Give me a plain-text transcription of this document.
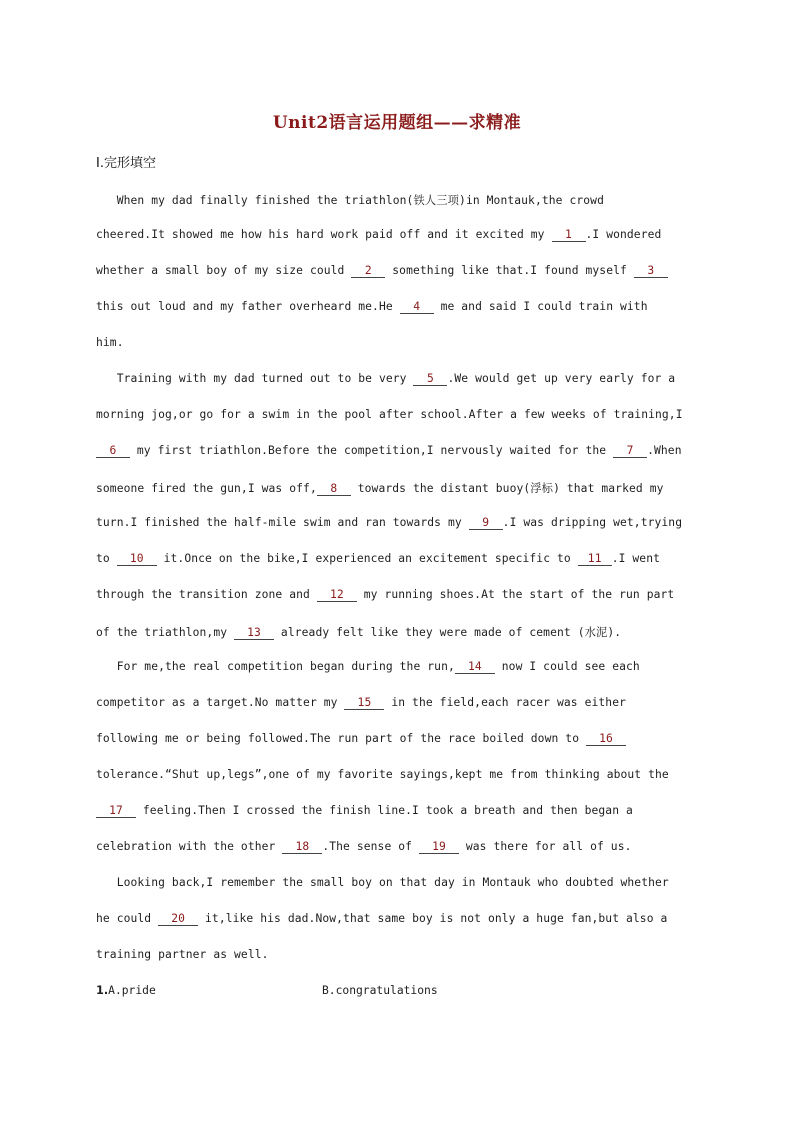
Unit2语言运用题组——求精准
Ⅰ.完形填空
When my dad finally finished the triathlon(铁人三项)in Montauk,the crowd
cheered.It showed me how his hard work paid off and it excited my 1 .I wondered
whether a small boy of my size could 2 something like that.I found myself 3
this out loud and my father overheard me.He 4 me and said I could train with
him.
Training with my dad turned out to be very 5 .We would get up very early for a
morning jog,or go for a swim in the pool after school.After a few weeks of training,I
6 my first triathlon.Before the competition,I nervously waited for the 7 .When
someone fired the gun,I was off, 8 towards the distant buoy(浮标) that marked my
turn.I finished the half-mile swim and ran towards my 9 .I was dripping wet,trying
to 10 it.Once on the bike,I experienced an excitement specific to 11 .I went
through the transition zone and 12 my running shoes.At the start of the run part
of the triathlon,my 13 already felt like they were made of cement (水泥).
For me,the real competition began during the run, 14 now I could see each
competitor as a target.No matter my 15 in the field,each racer was either
following me or being followed.The run part of the race boiled down to 16
tolerance.“Shut up,legs”,one of my favorite sayings,kept me from thinking about the
17 feeling.Then I crossed the finish line.I took a breath and then began a
celebration with the other 18 .The sense of 19 was there for all of us.
Looking back,I remember the small boy on that day in Montauk who doubted whether
he could 20 it,like his dad.Now,that same boy is not only a huge fan,but also a
training partner as well.
1.A.pride	B.congratulations
